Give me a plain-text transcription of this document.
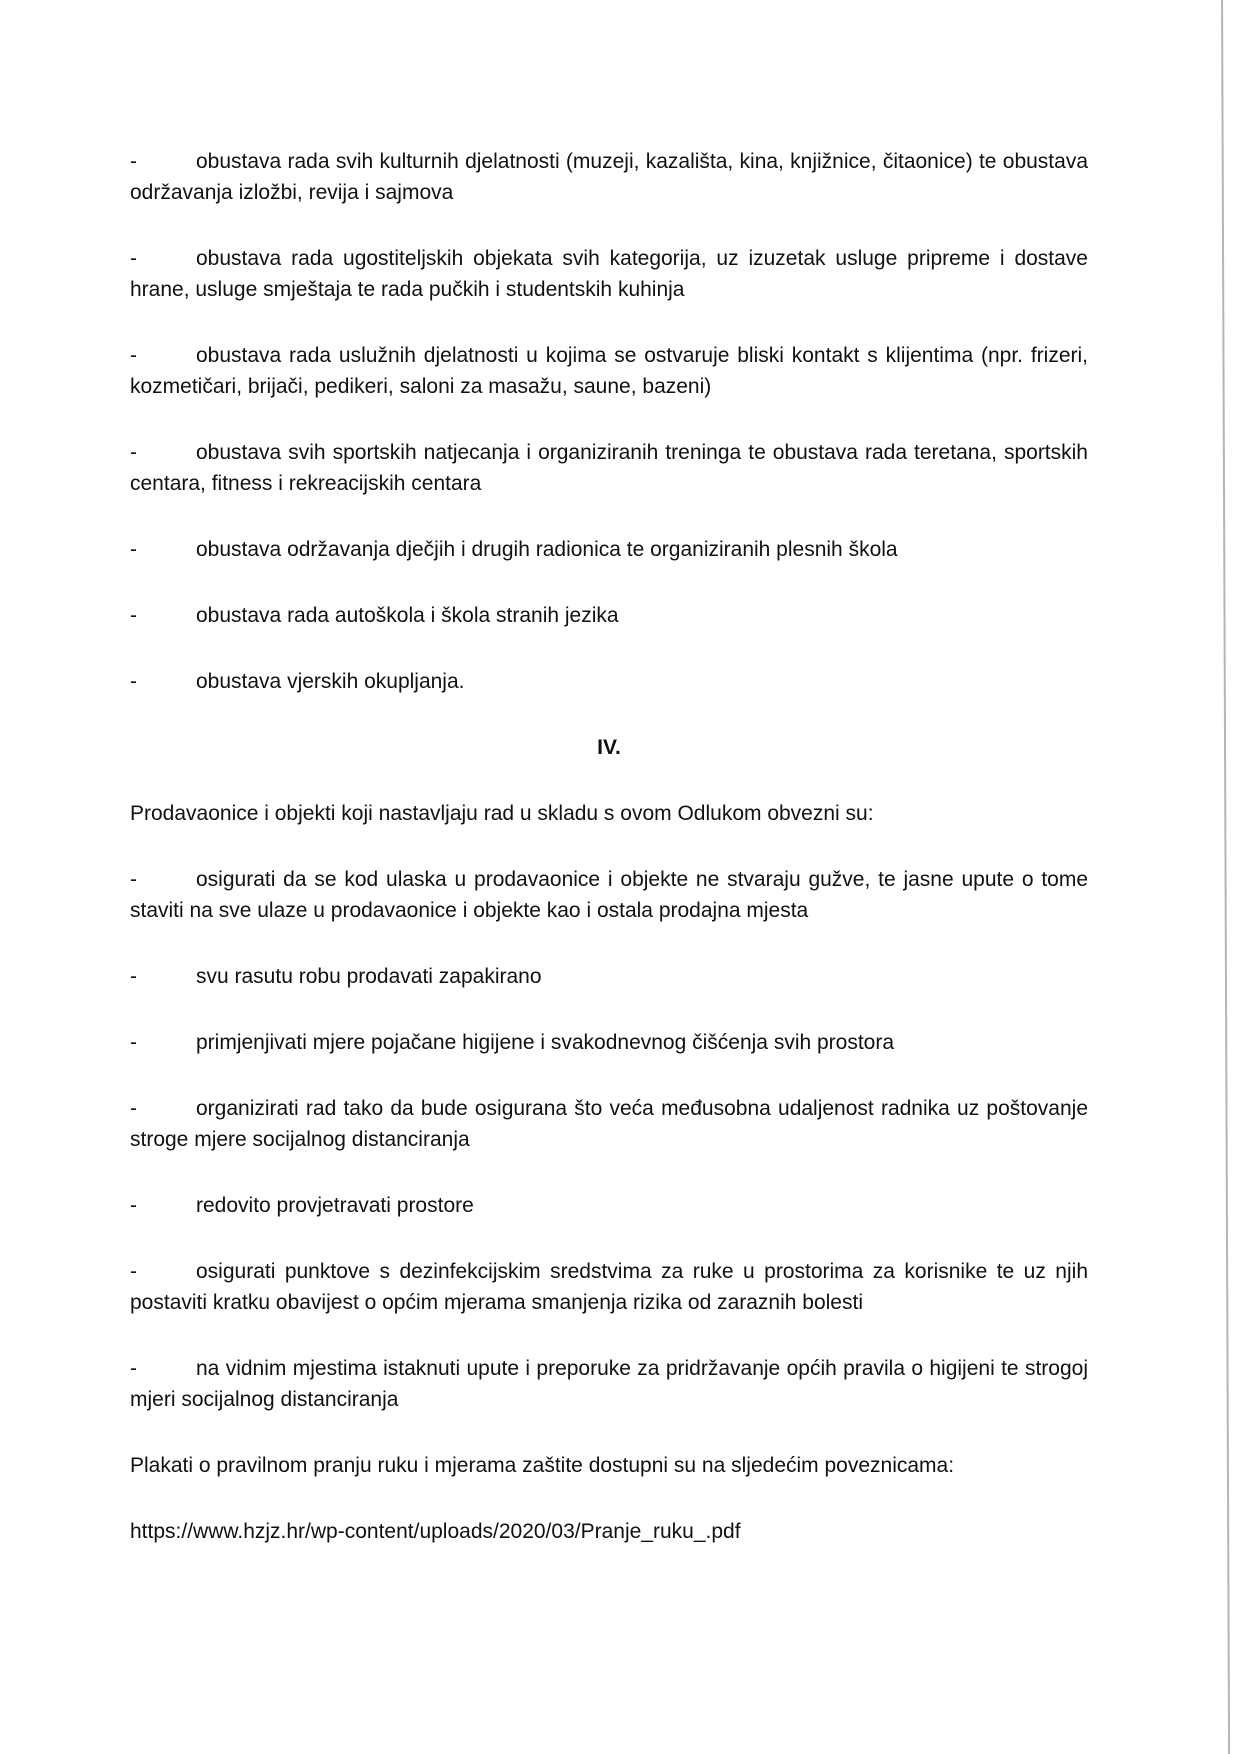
-	obustava rada svih kulturnih djelatnosti (muzeji, kazališta, kina, knjižnice, čitaonice) te obustava održavanja izložbi, revija i sajmova

-	obustava rada ugostiteljskih objekata svih kategorija, uz izuzetak usluge pripreme i dostave hrane, usluge smještaja te rada pučkih i studentskih kuhinja

-	obustava rada uslužnih djelatnosti u kojima se ostvaruje bliski kontakt s klijentima (npr. frizeri, kozmetičari, brijači, pedikeri, saloni za masažu, saune, bazeni)

-	obustava svih sportskih natjecanja i organiziranih treninga te obustava rada teretana, sportskih centara, fitness i rekreacijskih centara

-	obustava održavanja dječjih i drugih radionica te organiziranih plesnih škola

-	obustava rada autoškola i škola stranih jezika

-	obustava vjerskih okupljanja.

IV.

Prodavaonice i objekti koji nastavljaju rad u skladu s ovom Odlukom obvezni su:

-	osigurati da se kod ulaska u prodavaonice i objekte ne stvaraju gužve, te jasne upute o tome staviti na sve ulaze u prodavaonice i objekte kao i ostala prodajna mjesta

-	svu rasutu robu prodavati zapakirano

-	primjenjivati mjere pojačane higijene i svakodnevnog čišćenja svih prostora

-	organizirati rad tako da bude osigurana što veća međusobna udaljenost radnika uz poštovanje stroge mjere socijalnog distanciranja

-	redovito provjetravati prostore

-	osigurati punktove s dezinfekcijskim sredstvima za ruke u prostorima za korisnike te uz njih postaviti kratku obavijest o općim mjerama smanjenja rizika od zaraznih bolesti

-	na vidnim mjestima istaknuti upute i preporuke za pridržavanje općih pravila o higijeni te strogoj mjeri socijalnog distanciranja

Plakati o pravilnom pranju ruku i mjerama zaštite dostupni su na sljedećim poveznicama:

https://www.hzjz.hr/wp-content/uploads/2020/03/Pranje_ruku_.pdf
